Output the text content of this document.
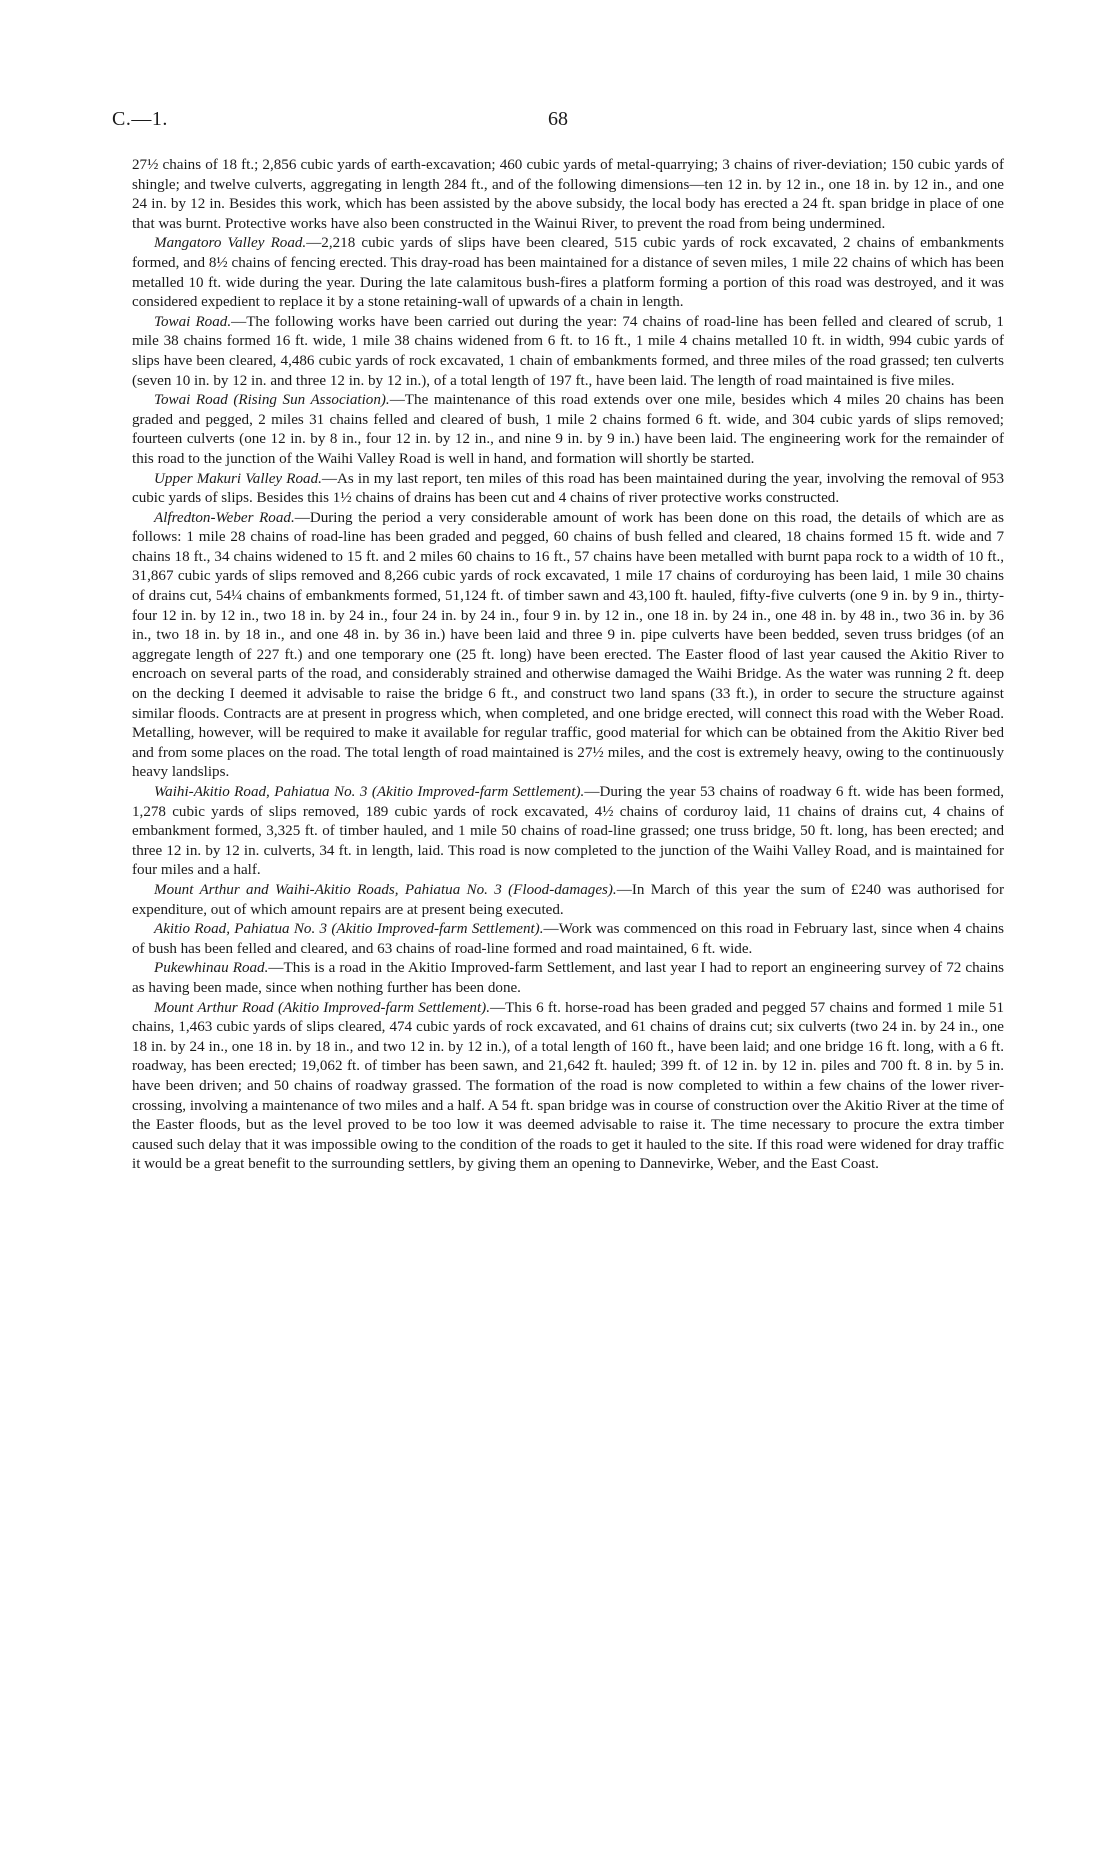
C.—1.	68

27½ chains of 18 ft.; 2,856 cubic yards of earth-excavation; 460 cubic yards of metal-quarrying; 3 chains of river-deviation; 150 cubic yards of shingle; and twelve culverts, aggregating in length 284 ft., and of the following dimensions—ten 12 in. by 12 in., one 18 in. by 12 in., and one 24 in. by 12 in. Besides this work, which has been assisted by the above subsidy, the local body has erected a 24 ft. span bridge in place of one that was burnt. Protective works have also been constructed in the Wainui River, to prevent the road from being undermined.

Mangatoro Valley Road.—2,218 cubic yards of slips have been cleared, 515 cubic yards of rock excavated, 2 chains of embankments formed, and 8½ chains of fencing erected. This dray-road has been maintained for a distance of seven miles, 1 mile 22 chains of which has been metalled 10 ft. wide during the year. During the late calamitous bush-fires a platform forming a portion of this road was destroyed, and it was considered expedient to replace it by a stone retaining-wall of upwards of a chain in length.

Towai Road.—The following works have been carried out during the year: 74 chains of road-line has been felled and cleared of scrub, 1 mile 38 chains formed 16 ft. wide, 1 mile 38 chains widened from 6 ft. to 16 ft., 1 mile 4 chains metalled 10 ft. in width, 994 cubic yards of slips have been cleared, 4,486 cubic yards of rock excavated, 1 chain of embankments formed, and three miles of the road grassed; ten culverts (seven 10 in. by 12 in. and three 12 in. by 12 in.), of a total length of 197 ft., have been laid. The length of road maintained is five miles.

Towai Road (Rising Sun Association).—The maintenance of this road extends over one mile, besides which 4 miles 20 chains has been graded and pegged, 2 miles 31 chains felled and cleared of bush, 1 mile 2 chains formed 6 ft. wide, and 304 cubic yards of slips removed; fourteen culverts (one 12 in. by 8 in., four 12 in. by 12 in., and nine 9 in. by 9 in.) have been laid. The engineering work for the remainder of this road to the junction of the Waihi Valley Road is well in hand, and formation will shortly be started.

Upper Makuri Valley Road.—As in my last report, ten miles of this road has been maintained during the year, involving the removal of 953 cubic yards of slips. Besides this 1½ chains of drains has been cut and 4 chains of river protective works constructed.

Alfredton-Weber Road.—During the period a very considerable amount of work has been done on this road, the details of which are as follows: 1 mile 28 chains of road-line has been graded and pegged, 60 chains of bush felled and cleared, 18 chains formed 15 ft. wide and 7 chains 18 ft., 34 chains widened to 15 ft. and 2 miles 60 chains to 16 ft., 57 chains have been metalled with burnt papa rock to a width of 10 ft., 31,867 cubic yards of slips removed and 8,266 cubic yards of rock excavated, 1 mile 17 chains of corduroying has been laid, 1 mile 30 chains of drains cut, 54¼ chains of embankments formed, 51,124 ft. of timber sawn and 43,100 ft. hauled, fifty-five culverts (one 9 in. by 9 in., thirty-four 12 in. by 12 in., two 18 in. by 24 in., four 24 in. by 24 in., four 9 in. by 12 in., one 18 in. by 24 in., one 48 in. by 48 in., two 36 in. by 36 in., two 18 in. by 18 in., and one 48 in. by 36 in.) have been laid and three 9 in. pipe culverts have been bedded, seven truss bridges (of an aggregate length of 227 ft.) and one temporary one (25 ft. long) have been erected. The Easter flood of last year caused the Akitio River to encroach on several parts of the road, and considerably strained and otherwise damaged the Waihi Bridge. As the water was running 2 ft. deep on the decking I deemed it advisable to raise the bridge 6 ft., and construct two land spans (33 ft.), in order to secure the structure against similar floods. Contracts are at present in progress which, when completed, and one bridge erected, will connect this road with the Weber Road. Metalling, however, will be required to make it available for regular traffic, good material for which can be obtained from the Akitio River bed and from some places on the road. The total length of road maintained is 27½ miles, and the cost is extremely heavy, owing to the continuously heavy landslips.

Waihi-Akitio Road, Pahiatua No. 3 (Akitio Improved-farm Settlement).—During the year 53 chains of roadway 6 ft. wide has been formed, 1,278 cubic yards of slips removed, 189 cubic yards of rock excavated, 4½ chains of corduroy laid, 11 chains of drains cut, 4 chains of embankment formed, 3,325 ft. of timber hauled, and 1 mile 50 chains of road-line grassed; one truss bridge, 50 ft. long, has been erected; and three 12 in. by 12 in. culverts, 34 ft. in length, laid. This road is now completed to the junction of the Waihi Valley Road, and is maintained for four miles and a half.

Mount Arthur and Waihi-Akitio Roads, Pahiatua No. 3 (Flood-damages).—In March of this year the sum of £240 was authorised for expenditure, out of which amount repairs are at present being executed.

Akitio Road, Pahiatua No. 3 (Akitio Improved-farm Settlement).—Work was commenced on this road in February last, since when 4 chains of bush has been felled and cleared, and 63 chains of road-line formed and road maintained, 6 ft. wide.

Pukewhinau Road.—This is a road in the Akitio Improved-farm Settlement, and last year I had to report an engineering survey of 72 chains as having been made, since when nothing further has been done.

Mount Arthur Road (Akitio Improved-farm Settlement).—This 6 ft. horse-road has been graded and pegged 57 chains and formed 1 mile 51 chains, 1,463 cubic yards of slips cleared, 474 cubic yards of rock excavated, and 61 chains of drains cut; six culverts (two 24 in. by 24 in., one 18 in. by 24 in., one 18 in. by 18 in., and two 12 in. by 12 in.), of a total length of 160 ft., have been laid; and one bridge 16 ft. long, with a 6 ft. roadway, has been erected; 19,062 ft. of timber has been sawn, and 21,642 ft. hauled; 399 ft. of 12 in. by 12 in. piles and 700 ft. 8 in. by 5 in. have been driven; and 50 chains of roadway grassed. The formation of the road is now completed to within a few chains of the lower river-crossing, involving a maintenance of two miles and a half. A 54 ft. span bridge was in course of construction over the Akitio River at the time of the Easter floods, but as the level proved to be too low it was deemed advisable to raise it. The time necessary to procure the extra timber caused such delay that it was impossible owing to the condition of the roads to get it hauled to the site. If this road were widened for dray traffic it would be a great benefit to the surrounding settlers, by giving them an opening to Dannevirke, Weber, and the East Coast.
